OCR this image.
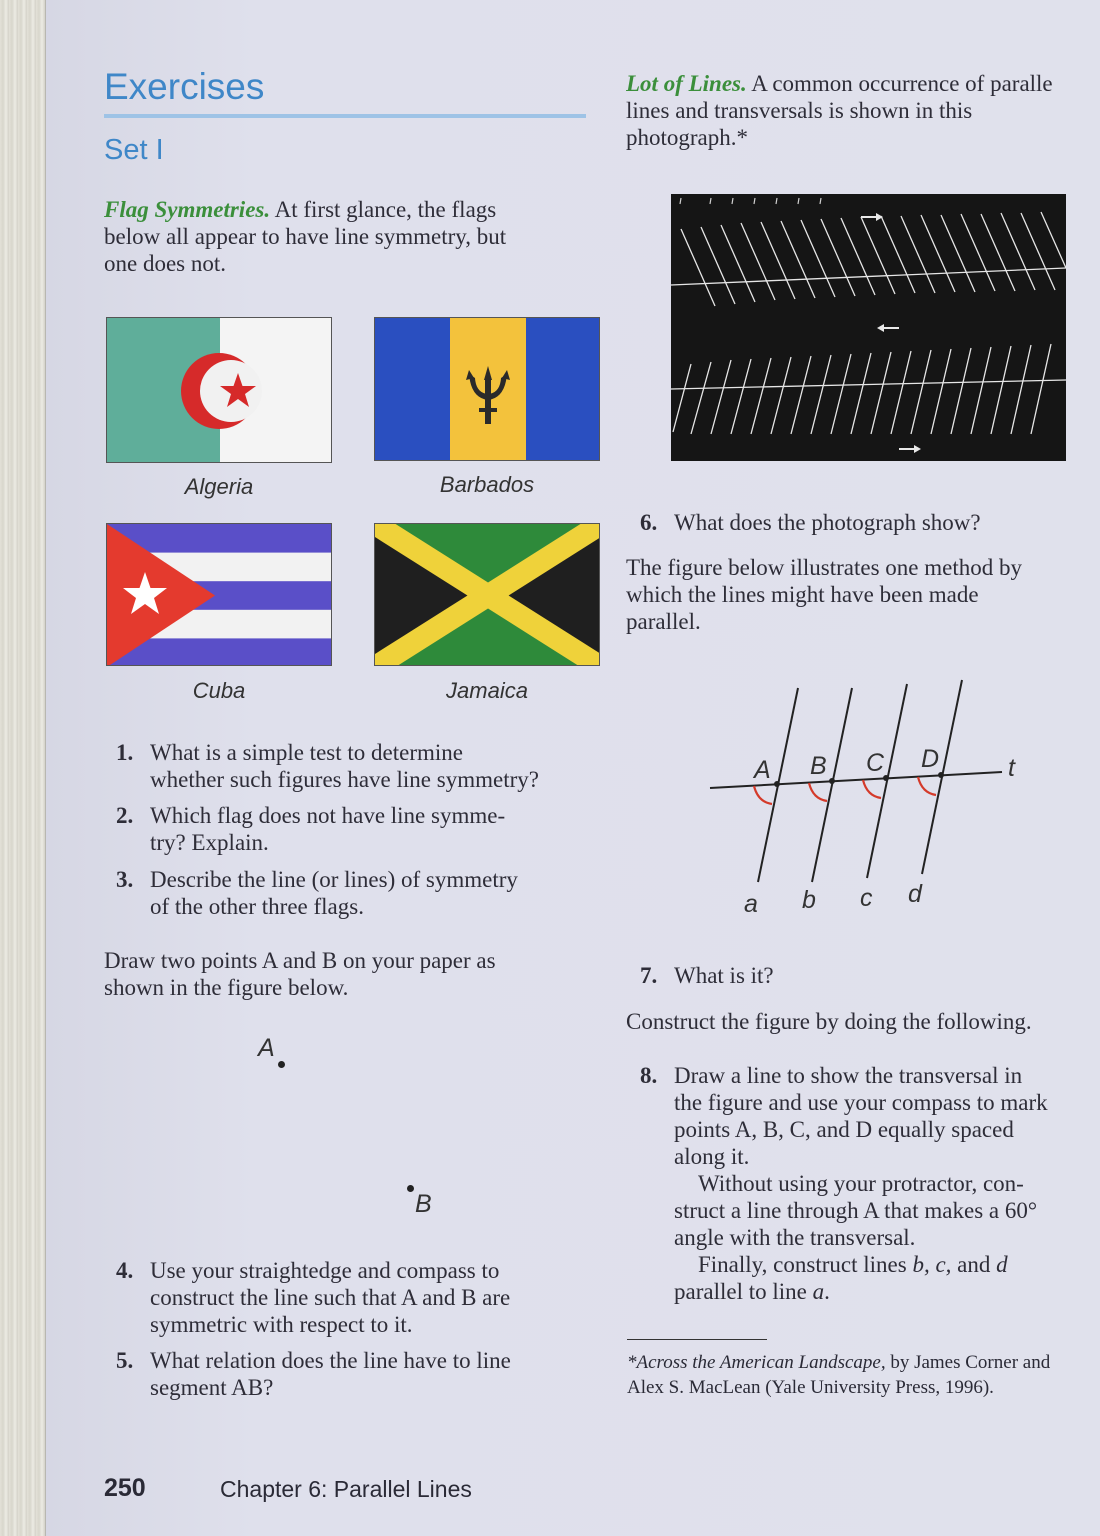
Exercises
Set I
Flag Symmetries. At first glance, the flags
below all appear to have line symmetry, but
one does not.
Algeria	Barbados
Cuba	Jamaica
1. What is a simple test to determine
whether such figures have line symmetry?
2. Which flag does not have line symme-
try? Explain.
3. Describe the line (or lines) of symmetry
of the other three flags.
Draw two points A and B on your paper as
shown in the figure below.
A
B
4. Use your straightedge and compass to
construct the line such that A and B are
symmetric with respect to it.
5. What relation does the line have to line
segment AB?
250	Chapter 6: Parallel Lines
Lot of Lines. A common occurrence of paralle
lines and transversals is shown in this
photograph.*
6. What does the photograph show?
The figure below illustrates one method by
which the lines might have been made
parallel.
A B C D	t
a b c d
7. What is it?
Construct the figure by doing the following.
8. Draw a line to show the transversal in
the figure and use your compass to mark
points A, B, C, and D equally spaced
along it.
Without using your protractor, con-
struct a line through A that makes a 60°
angle with the transversal.
Finally, construct lines b, c, and d
parallel to line a.
*Across the American Landscape, by James Corner and
Alex S. MacLean (Yale University Press, 1996).
